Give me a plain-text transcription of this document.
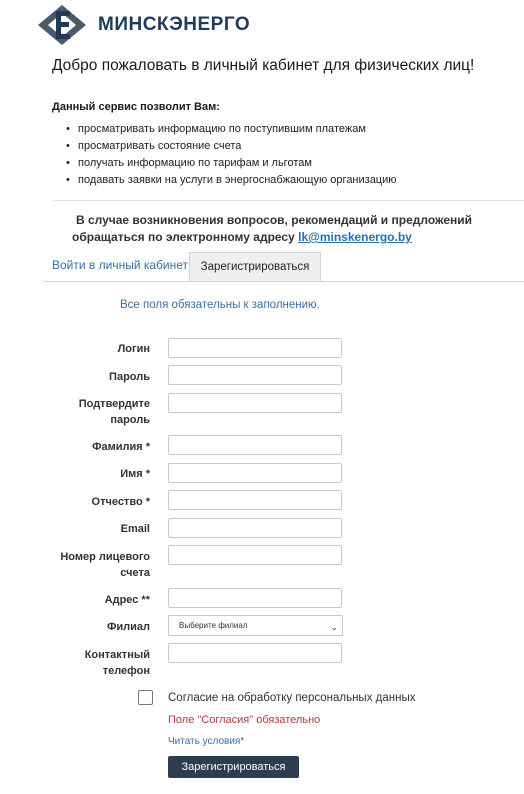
МИНСКЭНЕРГО
Добро пожаловать в личный кабинет для физических лиц!
Данный сервис позволит Вам:
• просматривать информацию по поступившим платежам
• просматривать состояние счета
• получать информацию по тарифам и льготам
• подавать заявки на услуги в энергоснабжающую организацию
В случае возникновения вопросов, рекомендаций и предложений
обращаться по электронному адресу lk@minskenergo.by
Войти в личный кабинет	Зарегистрироваться
Все поля обязательны к заполнению.
Логин
Пароль
Подтвердите
пароль
Фамилия *
Имя *
Отчество *
Email
Номер лицевого
счета
Адрес **
Филиал	Выберите филиал	⌄
Контактный
телефон
Согласие на обработку персональных данных
Поле "Согласия" обязательно
Читать условия*
Зарегистрироваться
